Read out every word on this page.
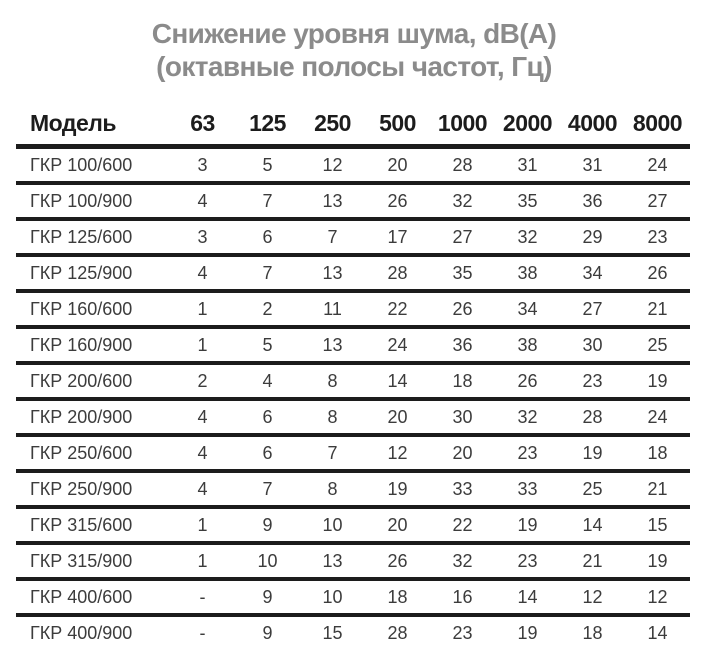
Снижение уровня шума, dB(A)
(октавные полосы частот, Гц)
Модель	63	125	250	500	1000	2000	4000	8000
ГКР 100/600	3	5	12	20	28	31	31	24
ГКР 100/900	4	7	13	26	32	35	36	27
ГКР 125/600	3	6	7	17	27	32	29	23
ГКР 125/900	4	7	13	28	35	38	34	26
ГКР 160/600	1	2	11	22	26	34	27	21
ГКР 160/900	1	5	13	24	36	38	30	25
ГКР 200/600	2	4	8	14	18	26	23	19
ГКР 200/900	4	6	8	20	30	32	28	24
ГКР 250/600	4	6	7	12	20	23	19	18
ГКР 250/900	4	7	8	19	33	33	25	21
ГКР 315/600	1	9	10	20	22	19	14	15
ГКР 315/900	1	10	13	26	32	23	21	19
ГКР 400/600	-	9	10	18	16	14	12	12
ГКР 400/900	-	9	15	28	23	19	18	14
